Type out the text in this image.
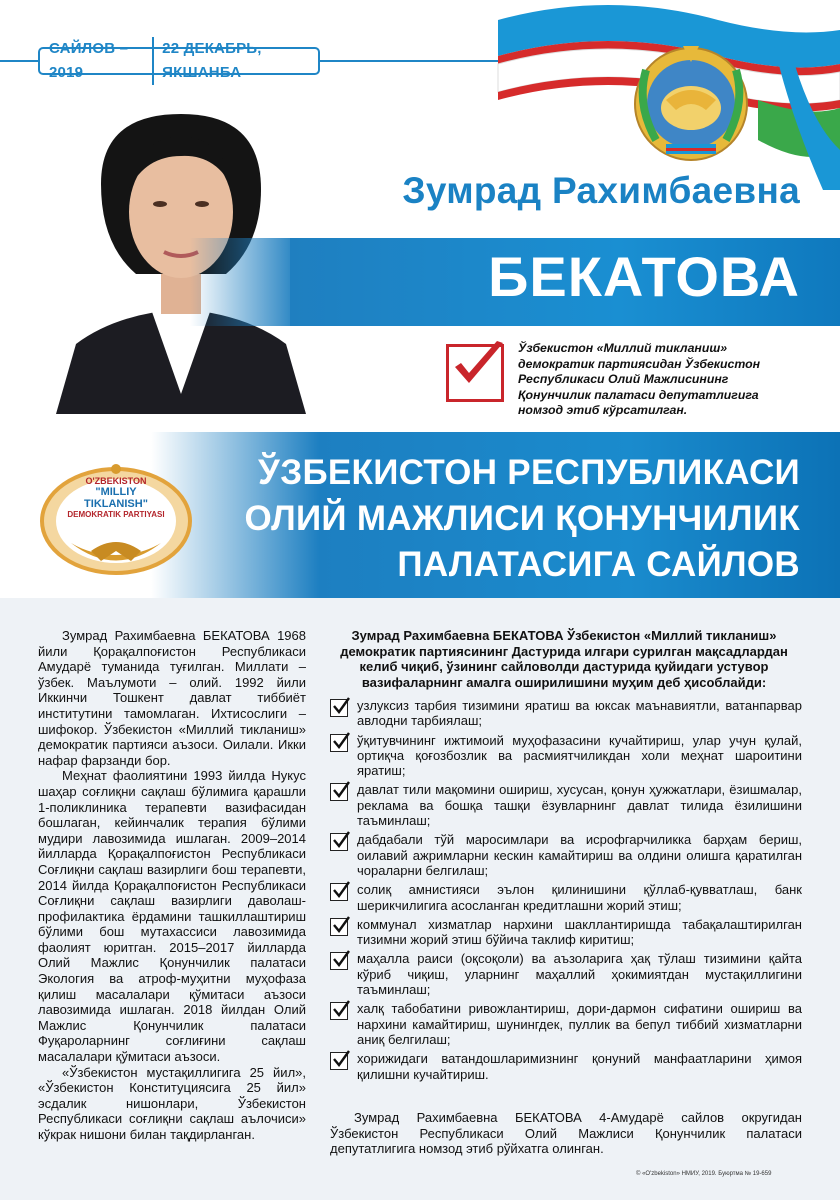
САЙЛОВ – 2019
22 ДЕКАБРЬ, ЯКШАНБА
Зумрад Рахимбаевна
БЕКАТОВА
Ўзбекистон «Миллий тикланиш» демократик партиясидан Ўзбекистон Республикаси Олий Мажлисининг Қонунчилик палатаси депутатлигига номзод этиб кўрсатилган.
O'ZBEKISTON
"MILLIY
TIKLANISH"
DEMOKRATIK PARTIYASI
ЎЗБЕКИСТОН РЕСПУБЛИКАСИ
ОЛИЙ МАЖЛИСИ ҚОНУНЧИЛИК
ПАЛАТАСИГА САЙЛОВ

Зумрад Рахимбаевна БЕКАТОВА 1968 йили Қорақалпоғистон Республикаси Амударё туманида туғилган. Миллати – ўзбек. Маълумоти – олий. 1992 йили Иккинчи Тошкент давлат тиббиёт институтини тамомлаган. Ихтисослиги – шифокор. Ўзбекистон «Миллий тикланиш» демократик партияси аъзоси. Оилали. Икки нафар фарзанди бор.

Меҳнат фаолиятини 1993 йилда Нукус шаҳар соғлиқни сақлаш бўлимига қарашли 1-поликлиника терапевти вазифасидан бошлаган, кейинчалик терапия бўлими мудири лавозимида ишлаган. 2009–2014 йилларда Қорақалпоғистон Республикаси Соғлиқни сақлаш вазирлиги бош терапевти, 2014 йилда Қорақалпоғистон Республикаси Соғлиқни сақлаш вазирлиги даволаш-профилактика ёрдамини ташкиллаштириш бўлими бош мутахассиси лавозимида фаолият юритган. 2015–2017 йилларда Олий Мажлис Қонунчилик палатаси Экология ва атроф-муҳитни муҳофаза қилиш масалалари қўмитаси аъзоси лавозимида ишлаган. 2018 йилдан Олий Мажлис Қонунчилик палатаси Фуқароларнинг соғлиғини сақлаш масалалари қўмитаси аъзоси.

«Ўзбекистон мустақиллигига 25 йил», «Ўзбекистон Конституциясига 25 йил» эсдалик нишонлари, Ўзбекистон Республикаси соғлиқни сақлаш аълочиси» кўкрак нишони билан тақдирланган.

Зумрад Рахимбаевна БЕКАТОВА Ўзбекистон «Миллий тикланиш» демократик партиясининг Дастурида илгари сурилган мақсадлардан келиб чиқиб, ўзининг сайловолди дастурида қуйидаги устувор вазифаларнинг амалга оширилишини муҳим деб ҳисоблайди:
узлуксиз тарбия тизимини яратиш ва юксак маънавиятли, ватанпарвар авлодни тарбиялаш;
ўқитувчининг ижтимоий муҳофазасини кучайтириш, улар учун қулай, ортиқча қоғозбозлик ва расмиятчиликдан холи меҳнат шароитини яратиш;
давлат тили мақомини ошириш, хусусан, қонун ҳужжатлари, ёзишмалар, реклама ва бошқа ташқи ёзувларнинг давлат тилида ёзилишини таъминлаш;
дабдабали тўй маросимлари ва исрофгарчиликка барҳам бериш, оилавий ажримларни кескин камайтириш ва олдини олишга қаратилган чораларни белгилаш;
солиқ амнистияси эълон қилинишини қўллаб-қувватлаш, банк шерикчилигига асосланган кредитлашни жорий этиш;
коммунал хизматлар нархини шакллантиришда табақалаштирилган тизимни жорий этиш бўйича таклиф киритиш;
маҳалла раиси (оқсоқоли) ва аъзоларига ҳақ тўлаш тизимини қайта кўриб чиқиш, уларнинг маҳаллий ҳокимиятдан мустақиллигини таъминлаш;
халқ табобатини ривожлантириш, дори-дармон сифатини ошириш ва нархини камайтириш, шунингдек, пуллик ва бепул тиббий хизматларни аниқ белгилаш;
хорижидаги ватандошларимизнинг қонуний манфаатларини ҳимоя қилишни кучайтириш.
Зумрад Рахимбаевна БЕКАТОВА 4-Амударё сайлов округидан Ўзбекистон Республикаси Олий Мажлиси Қонунчилик палатаси депутатлигига номзод этиб рўйхатга олинган.
© «O'zbekiston» НМИУ, 2019. Буюртма № 19-659
